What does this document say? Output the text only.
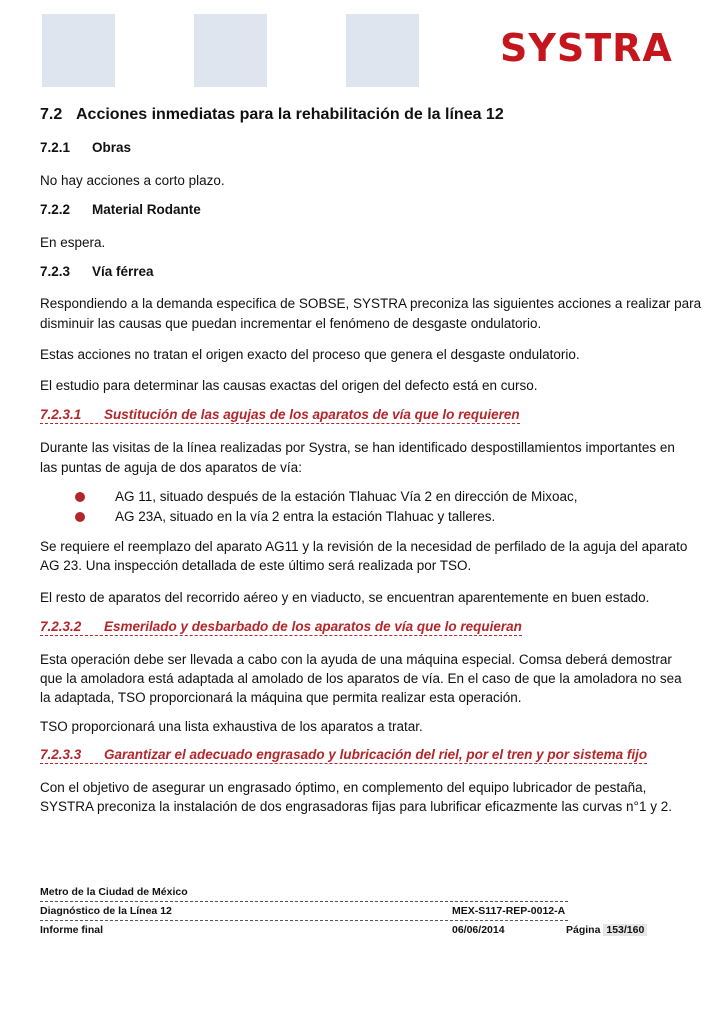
SYSTRA
7.2 Acciones inmediatas para la rehabilitación de la línea 12
7.2.1 Obras
No hay acciones a corto plazo.
7.2.2 Material Rodante
En espera.
7.2.3 Vía férrea
Respondiendo a la demanda especifica de SOBSE, SYSTRA preconiza las siguientes acciones a realizar para
disminuir las causas que puedan incrementar el fenómeno de desgaste ondulatorio.
Estas acciones no tratan el origen exacto del proceso que genera el desgaste ondulatorio.
El estudio para determinar las causas exactas del origen del defecto está en curso.
7.2.3.1 Sustitución de las agujas de los aparatos de vía que lo requieren
Durante las visitas de la línea realizadas por Systra, se han identificado despostillamientos importantes en
las puntas de aguja de dos aparatos de vía:
AG 11, situado después de la estación Tlahuac Vía 2 en dirección de Mixoac,
AG 23A, situado en la vía 2 entra la estación Tlahuac y talleres.
Se requiere el reemplazo del aparato AG11 y la revisión de la necesidad de perfilado de la aguja del aparato
AG 23. Una inspección detallada de este último será realizada por TSO.
El resto de aparatos del recorrido aéreo y en viaducto, se encuentran aparentemente en buen estado.
7.2.3.2 Esmerilado y desbarbado de los aparatos de vía que lo requieran
Esta operación debe ser llevada a cabo con la ayuda de una máquina especial. Comsa deberá demostrar
que la amoladora está adaptada al amolado de los aparatos de vía. En el caso de que la amoladora no sea
la adaptada, TSO proporcionará la máquina que permita realizar esta operación.
TSO proporcionará una lista exhaustiva de los aparatos a tratar.
7.2.3.3 Garantizar el adecuado engrasado y lubricación del riel, por el tren y por sistema fijo
Con el objetivo de asegurar un engrasado óptimo, en complemento del equipo lubricador de pestaña,
SYSTRA preconiza la instalación de dos engrasadoras fijas para lubrificar eficazmente las curvas n°1 y 2.
Metro de la Ciudad de México
Diagnóstico de la Línea 12	MEX-S117-REP-0012-A
Informe final	06/06/2014	Página 153/160
